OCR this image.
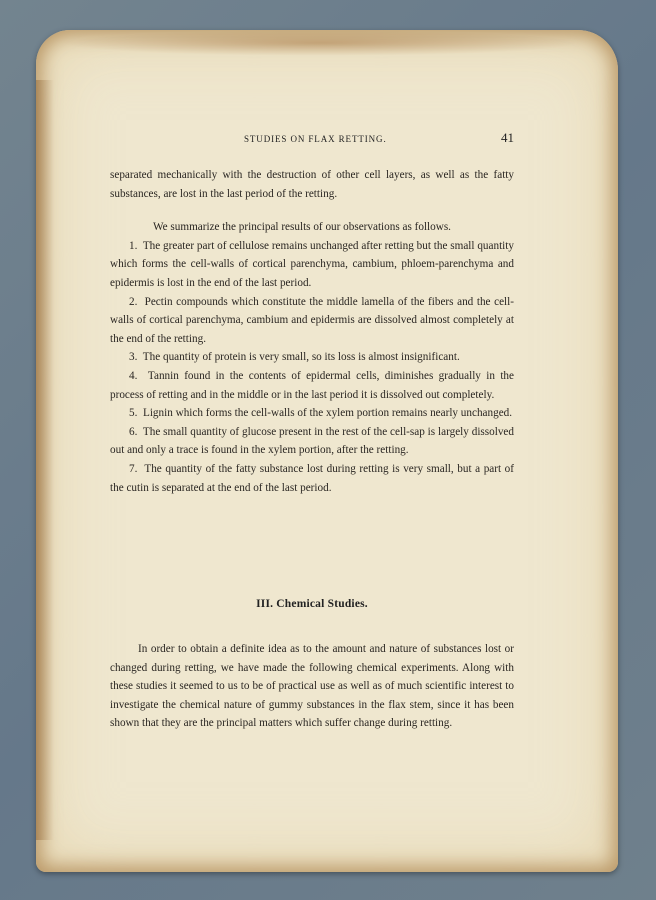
STUDIES ON FLAX RETTING.	41

separated mechanically with the destruction of other cell layers, as well as the fatty substances, are lost in the last period of the retting.

We summarize the principal results of our observations as follows.

1. The greater part of cellulose remains unchanged after retting but the small quantity which forms the cell-walls of cortical parenchyma, cambium, phloem-parenchyma and epidermis is lost in the end of the last period.

2. Pectin compounds which constitute the middle lamella of the fibers and the cell-walls of cortical parenchyma, cambium and epidermis are dissolved almost completely at the end of the retting.

3. The quantity of protein is very small, so its loss is almost insignificant.

4. Tannin found in the contents of epidermal cells, diminishes gradually in the process of retting and in the middle or in the last period it is dissolved out completely.

5. Lignin which forms the cell-walls of the xylem portion remains nearly unchanged.

6. The small quantity of glucose present in the rest of the cell-sap is largely dissolved out and only a trace is found in the xylem portion, after the retting.

7. The quantity of the fatty substance lost during retting is very small, but a part of the cutin is separated at the end of the last period.

III. Chemical Studies.

In order to obtain a definite idea as to the amount and nature of substances lost or changed during retting, we have made the following chemical experiments. Along with these studies it seemed to us to be of practical use as well as of much scientific interest to investigate the chemical nature of gummy substances in the flax stem, since it has been shown that they are the principal matters which suffer change during retting.
